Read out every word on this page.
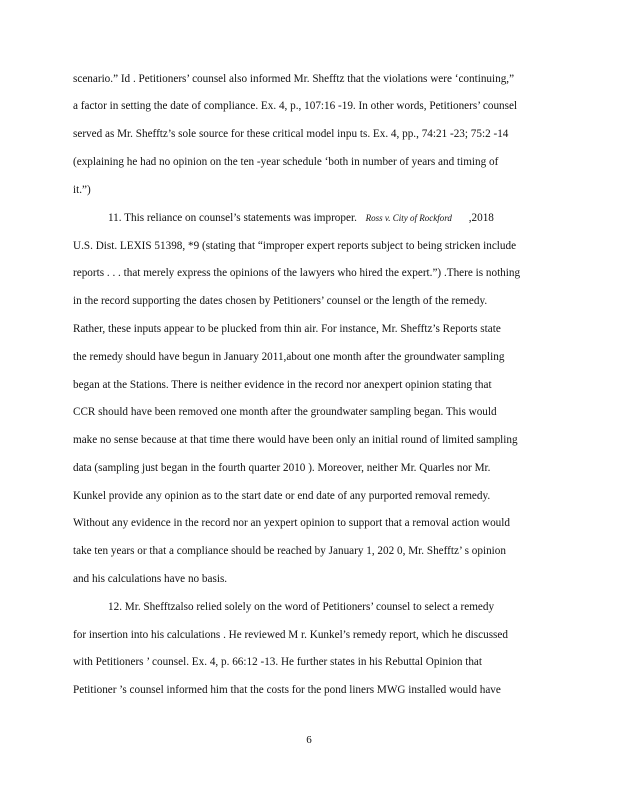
scenario.” Id . Petitioners’ counsel also informed Mr. Shefftz that the violations were ‘continuing,”
a factor in setting the date of compliance. Ex. 4, p., 107:16 -19. In other words, Petitioners’ counsel
served as Mr. Shefftz’s sole source for these critical model inpu ts. Ex. 4, pp., 74:21 -23; 75:2 -14
(explaining he had no opinion on the ten -year schedule ‘both in number of years and timing of
it.”)
11. This reliance on counsel’s statements was improper. Ross v. City of Rockford ,2018
U.S. Dist. LEXIS 51398, *9 (stating that “improper expert reports subject to being stricken include
reports . . . that merely express the opinions of the lawyers who hired the expert.”) .There is nothing
in the record supporting the dates chosen by Petitioners’ counsel or the length of the remedy.
Rather, these inputs appear to be plucked from thin air. For instance, Mr. Shefftz’s Reports state
the remedy should have begun in January 2011,about one month after the groundwater sampling
began at the Stations. There is neither evidence in the record nor anexpert opinion stating that
CCR should have been removed one month after the groundwater sampling began. This would
make no sense because at that time there would have been only an initial round of limited sampling
data (sampling just began in the fourth quarter 2010 ). Moreover, neither Mr. Quarles nor Mr.
Kunkel provide any opinion as to the start date or end date of any purported removal remedy.
Without any evidence in the record nor an yexpert opinion to support that a removal action would
take ten years or that a compliance should be reached by January 1, 202 0, Mr. Shefftz’ s opinion
and his calculations have no basis.
12. Mr. Shefftzalso relied solely on the word of Petitioners’ counsel to select a remedy
for insertion into his calculations . He reviewed M r. Kunkel’s remedy report, which he discussed
with Petitioners ’ counsel. Ex. 4, p. 66:12 -13. He further states in his Rebuttal Opinion that
Petitioner ’s counsel informed him that the costs for the pond liners MWG installed would have
6
